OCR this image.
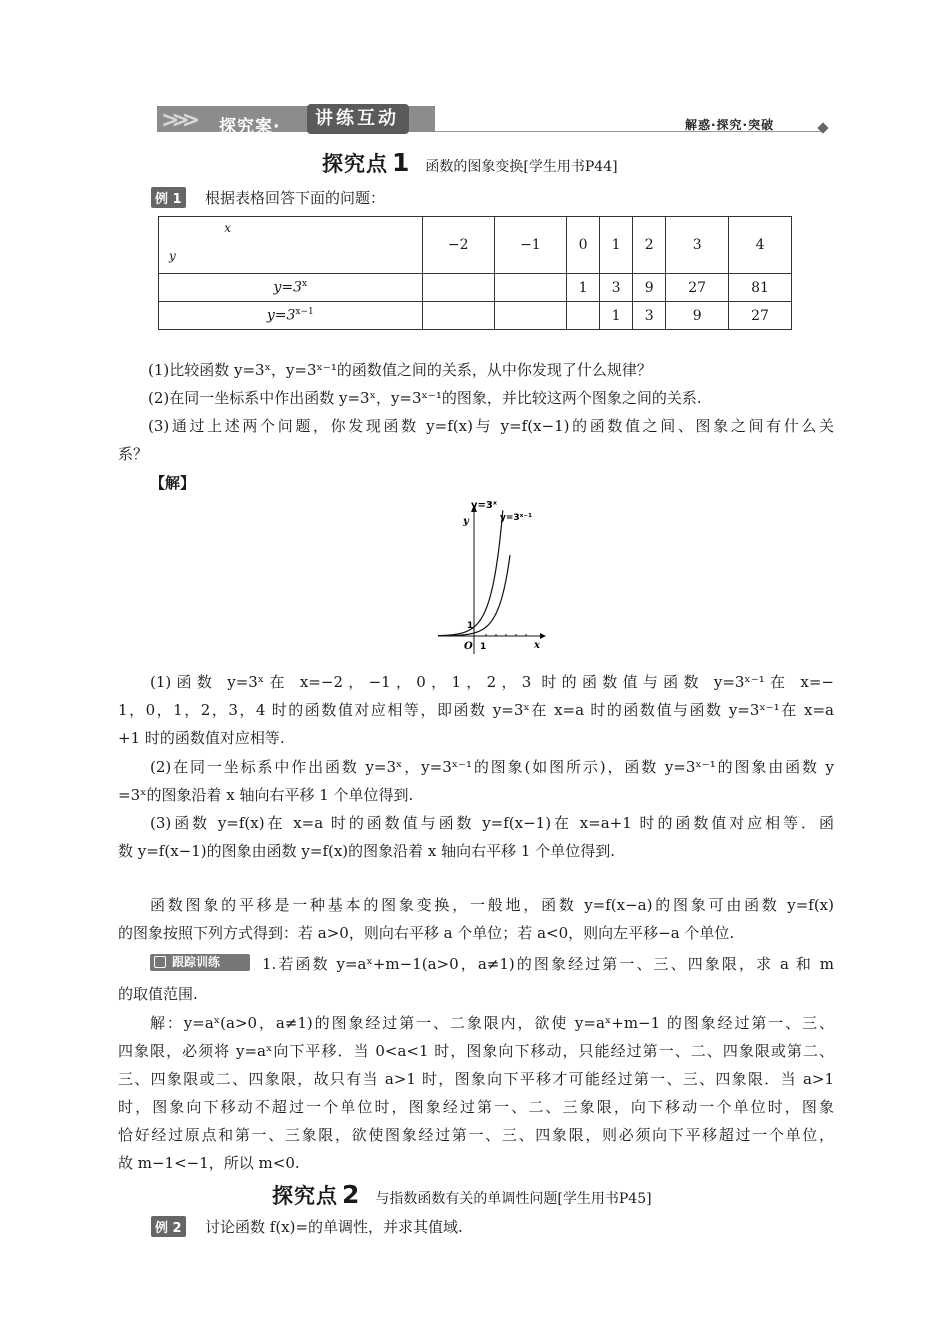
>>> 探究案·	讲练互动	解惑·探究·突破
探究点 1 函数的图象变换[学生用书P44]
例 1 根据表格回答下面的问题：
x
y	−2	−1	0	1	2	3	4
$y=3^x$			1	3	9	27	81
$y=3^{x-1}$				1	3	9	27
(1)比较函数 y=3ˣ，y=3ˣ⁻¹的函数值之间的关系，从中你发现了什么规律？
(2)在同一坐标系中作出函数 y=3ˣ，y=3ˣ⁻¹的图象，并比较这两个图象之间的关系.
(3)通过上述两个问题，你发现函数 y=f(x)与 y=f(x−1)的函数值之间、图象之间有什么关
系？
【解】
y=3ˣ
y=3ˣ⁻¹
y
x
O 1
1
(1)函数 y=3ˣ在 x=−2，−1，0，1，2，3 时的函数值与函数 y=3ˣ⁻¹在 x=−
1，0，1，2，3，4 时的函数值对应相等，即函数 y=3ˣ在 x=a 时的函数值与函数 y=3ˣ⁻¹在 x=a
+1 时的函数值对应相等.
(2)在同一坐标系中作出函数 y=3ˣ，y=3ˣ⁻¹的图象(如图所示)，函数 y=3ˣ⁻¹的图象由函数 y
=3ˣ的图象沿着 x 轴向右平移 1 个单位得到.
(3)函数 y=f(x)在 x=a 时的函数值与函数 y=f(x−1)在 x=a+1 时的函数值对应相等．函
数 y=f(x−1)的图象由函数 y=f(x)的图象沿着 x 轴向右平移 1 个单位得到.
函数图象的平移是一种基本的图象变换，一般地，函数 y=f(x−a)的图象可由函数 y=f(x)
的图象按照下列方式得到：若 a>0，则向右平移 a 个单位；若 a<0，则向左平移−a 个单位.
跟踪训练	1.若函数 y=aˣ+m−1(a>0，a≠1)的图象经过第一、三、四象限，求 a 和 m
的取值范围.
解：y=aˣ(a>0，a≠1)的图象经过第一、二象限内，欲使 y=aˣ+m−1 的图象经过第一、三、
四象限，必须将 y=aˣ向下平移．当 0<a<1 时，图象向下移动，只能经过第一、二、四象限或第二、
三、四象限或二、四象限，故只有当 a>1 时，图象向下平移才可能经过第一、三、四象限．当 a>1
时，图象向下移动不超过一个单位时，图象经过第一、二、三象限，向下移动一个单位时，图象
恰好经过原点和第一、三象限，欲使图象经过第一、三、四象限，则必须向下平移超过一个单位，
故 m−1<−1，所以 m<0.
探究点 2 与指数函数有关的单调性问题[学生用书P45]
例 2 讨论函数 f(x)=的单调性，并求其值域.
